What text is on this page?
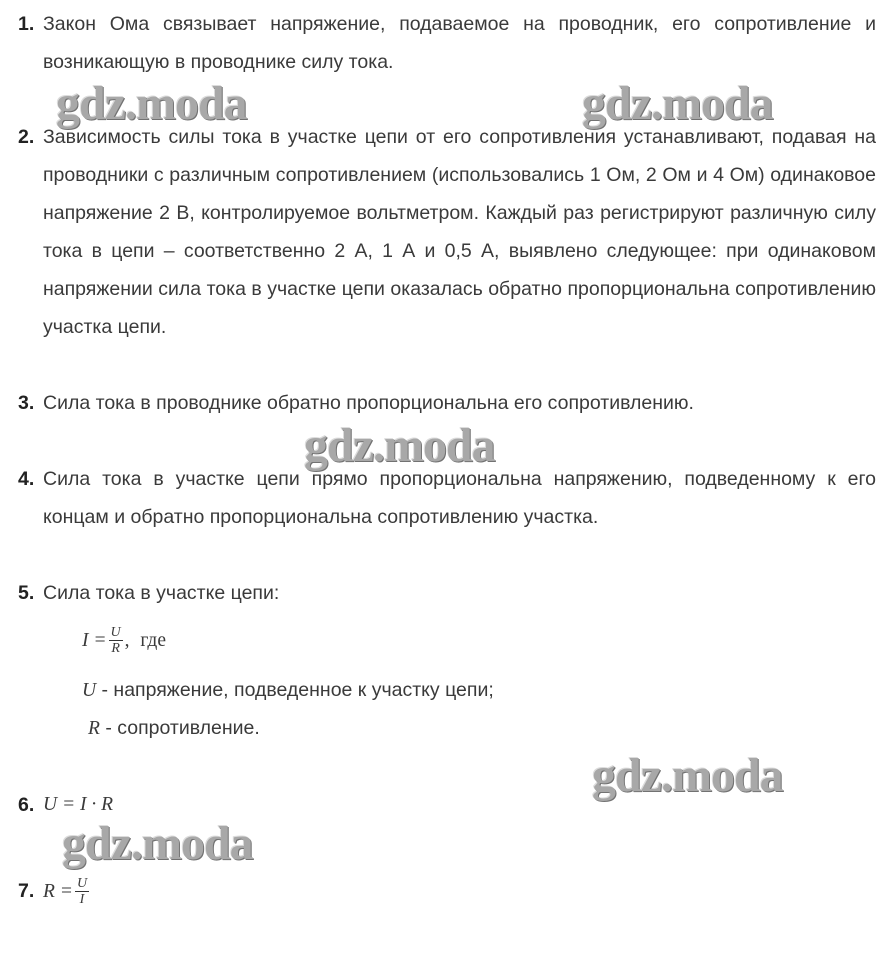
1. Закон Ома связывает напряжение, подаваемое на проводник, его сопротивление и возникающую в проводнике силу тока.
2. Зависимость силы тока в участке цепи от его сопротивления устанавливают, подавая на проводники с различным сопротивлением (использовались 1 Ом, 2 Ом и 4 Ом) одинаковое напряжение 2 В, контролируемое вольтметром. Каждый раз регистрируют различную силу тока в цепи – соответственно 2 А, 1 А и 0,5 А, выявлено следующее: при одинаковом напряжении сила тока в участке цепи оказалась обратно пропорциональна сопротивлению участка цепи.
3. Сила тока в проводнике обратно пропорциональна его сопротивлению.
4. Сила тока в участке цепи прямо пропорциональна напряжению, подведенному к его концам и обратно пропорциональна сопротивлению участка.
5. Сила тока в участке цепи:
$I = \frac{U}{R}$ , где
U - напряжение, подведенное к участку цепи;
R - сопротивление.
6. U = I · R
7. $R = \frac{U}{I}$
gdz.moda	gdz.moda
gdz.moda
gdz.moda
gdz.moda
